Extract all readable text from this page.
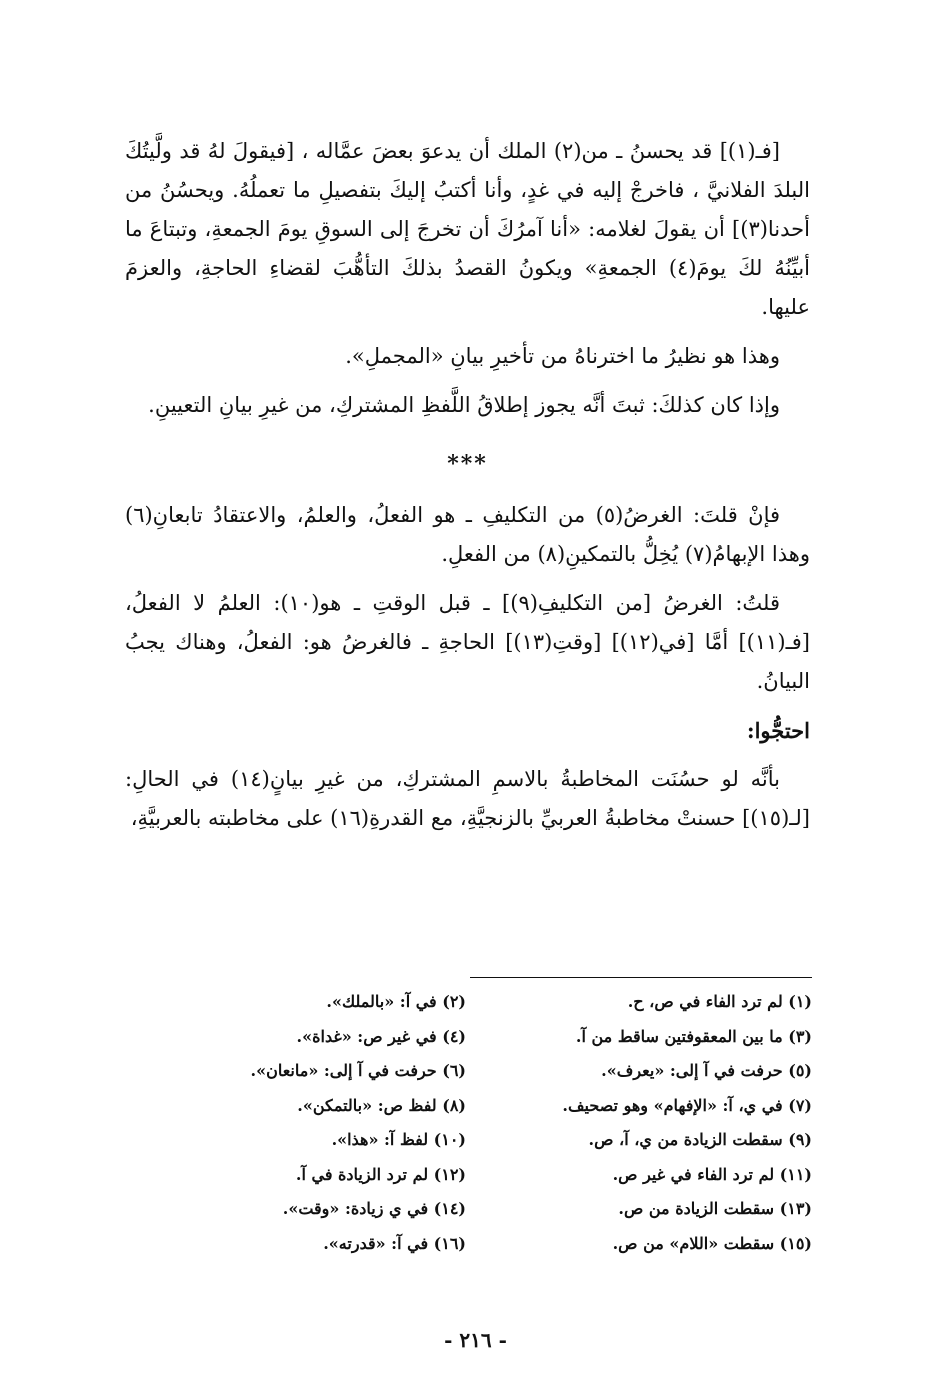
[فـ(١)] قد يحسنُ ـ من(٢) الملك أن يدعوَ بعضَ عمَّاله ، [فيقولَ لهُ قد ولَّيتُكَ البلدَ الفلانيَّ ، فاخرجْ إليه في غدٍ، وأنا أكتبُ إليكَ بتفصيلِ ما تعملُهُ. ويحسُنُ من أحدنا(٣)] أن يقولَ لغلامه: «أنا آمرُكَ أن تخرجَ إلى السوقِ يومَ الجمعةِ، وتبتاعَ ما أبيِّنُهُ لكَ يومَ(٤) الجمعةِ» ويكونُ القصدُ بذلكَ التأهُّبَ لقضاءِ الحاجةِ، والعزمَ عليها.

وهذا هو نظيرُ ما اخترناهُ من تأخيرِ بيانِ «المجملِ».

وإذا كان كذلكَ: ثبتَ أنَّه يجوز إطلاقُ اللَّفظِ المشتركِ، من غيرِ بيانِ التعيينِ.

***

فإنْ قلتَ: الغرضُ(٥) من التكليفِ ـ هو الفعلُ، والعلمُ، والاعتقادُ تابعانِ(٦) وهذا الإبهامُ(٧) يُخِلُّ بالتمكينِ(٨) من الفعلِ.

قلتُ: الغرضُ [من التكليفِ(٩)] ـ قبل الوقتِ ـ هو(١٠): العلمُ لا الفعلُ، [فـ(١١)] أمَّا [في(١٢)] [وقتِ(١٣)] الحاجةِ ـ فالغرضُ هو: الفعلُ، وهناك يجبُ البيانُ.

احتجُّوا:

بأنَّه لو حسُنَت المخاطبةُ بالاسمِ المشتركِ، من غيرِ بيانٍ(١٤) في الحالِ: [لـ(١٥)] حسنتْ مخاطبةُ العربيِّ بالزنجيَّةِ، مع القدرةِ(١٦) على مخاطبته بالعربيَّةِ،

(١) لم ترد الفاء في ص، ح.
(٢) في آ: «بالملك».
(٣) ما بين المعقوفتين ساقط من آ.
(٤) في غير ص: «غداة».
(٥) حرفت في آ إلى: «يعرف».
(٦) حرفت في آ إلى: «مانعان».
(٧) في ي، آ: «الإفهام» وهو تصحيف.
(٨) لفظ ص: «بالتمكن».
(٩) سقطت الزيادة من ي، آ، ص.
(١٠) لفظ آ: «هذا».
(١١) لم ترد الفاء في غير ص.
(١٢) لم ترد الزيادة في آ.
(١٣) سقطت الزيادة من ص.
(١٤) في ي زيادة: «وقت».
(١٥) سقطت «اللام» من ص.
(١٦) في آ: «قدرته».
- ٢١٦ -
